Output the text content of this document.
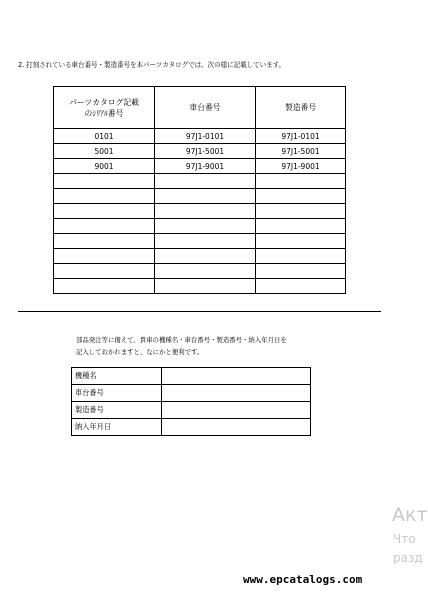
2. 打刻されている車台番号・製造番号を本パーツカタログでは、次の様に記載しています。
パーツカタログ記載
のｼﾘｱﾙ番号	車台番号	製造番号
0101	97J1-0101	97J1-0101
5001	97J1-5001	97J1-5001
9001	97J1-9001	97J1-9001

部品発注等に備えて、貴車の機種名・車台番号・製造番号・納入年月日を
記入しておかれますと、なにかと便利です。
機種名	
車台番号	
製造番号	
納入年月日	
Акт
Что
разд
www.epcatalogs.com
